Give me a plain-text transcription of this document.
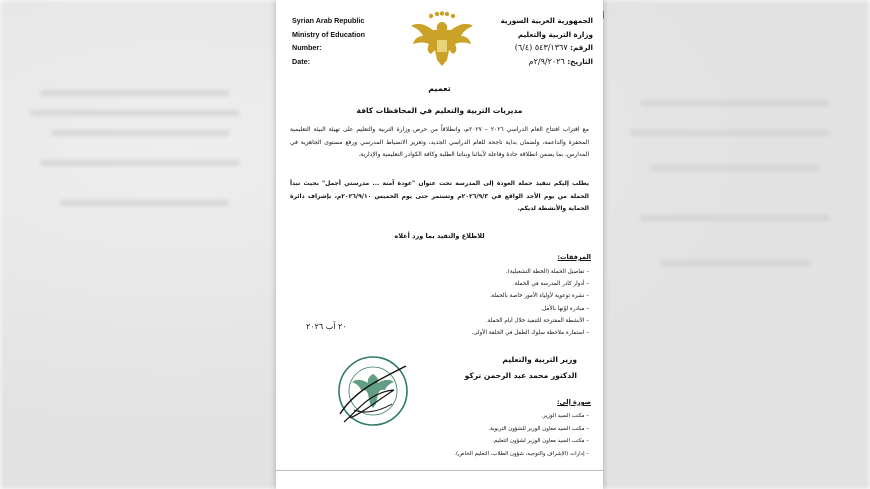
Syrian Arab Republic
Ministry of Education
Number:
Date:
الجمهورية العربية السورية
وزارة التربية والتعليم
الرقم: ٥٤٣/١٣٦٧ (٦/٤)
التاريخ: ٢/٩/٢٠٢٦م
تعميم
مديريات التربية والتعليم في المحافظات كافة
مع اقتراب افتتاح العام الدراسي ٢٠٢٦ – ٢٠٢٧م، وانطلاقاً من حرص وزارة التربية والتعليم على تهيئة البيئة التعليمية المحفزة والداعمة، ولضمان بداية ناجحة للعام الدراسي الجديد، وتعزيز الانضباط المدرسي ورفع مستوى الجاهزية في المدارس، بما يضمن انطلاقة جادة وفاعلة لأبنائنا وبناتنا الطلبة وكافة الكوادر التعليمية والإدارية.
يطلب إليكم تنفيذ حملة العودة إلى المدرسة تحت عنوان "عودة آمنة ... مدرستي أجمل" بحيث تبدأ الحملة من يوم الأحد الواقع في ٢٠٢٦/٩/٣م وتستمر حتى يوم الخميس ٢٠٢٦/٩/١٠م، بإشراف دائرة الحماية والأنشطة لديكم.
للاطلاع والتقيد بما ورد أعلاه
المرفقات:
– تفاصيل الحملة (الخطة التشغيلية).
– أدوار كادر المدرسة في الحملة.
– نشرة توعوية لأولياء الأمور خاصة بالحملة.
– مبادرة لوّنها بالأمل.
– الأنشطة المقترحة للتنفيذ خلال أيام الحملة.
– استمارة ملاحظة سلوك الطفل في الحلقة الأولى.
٢٠ آب ٢٠٢٦
وزير التربية والتعليم
الدكتور محمد عبد الرحمن تركو
صورة إلى:
– مكتب السيد الوزير.
– مكتب السيد معاون الوزير للشؤون التربوية.
– مكتب السيد معاون الوزير لشؤون التعليم.
– إدارات (الإشراف والتوجيه، شؤون الطلاب، التعليم الخاص).
